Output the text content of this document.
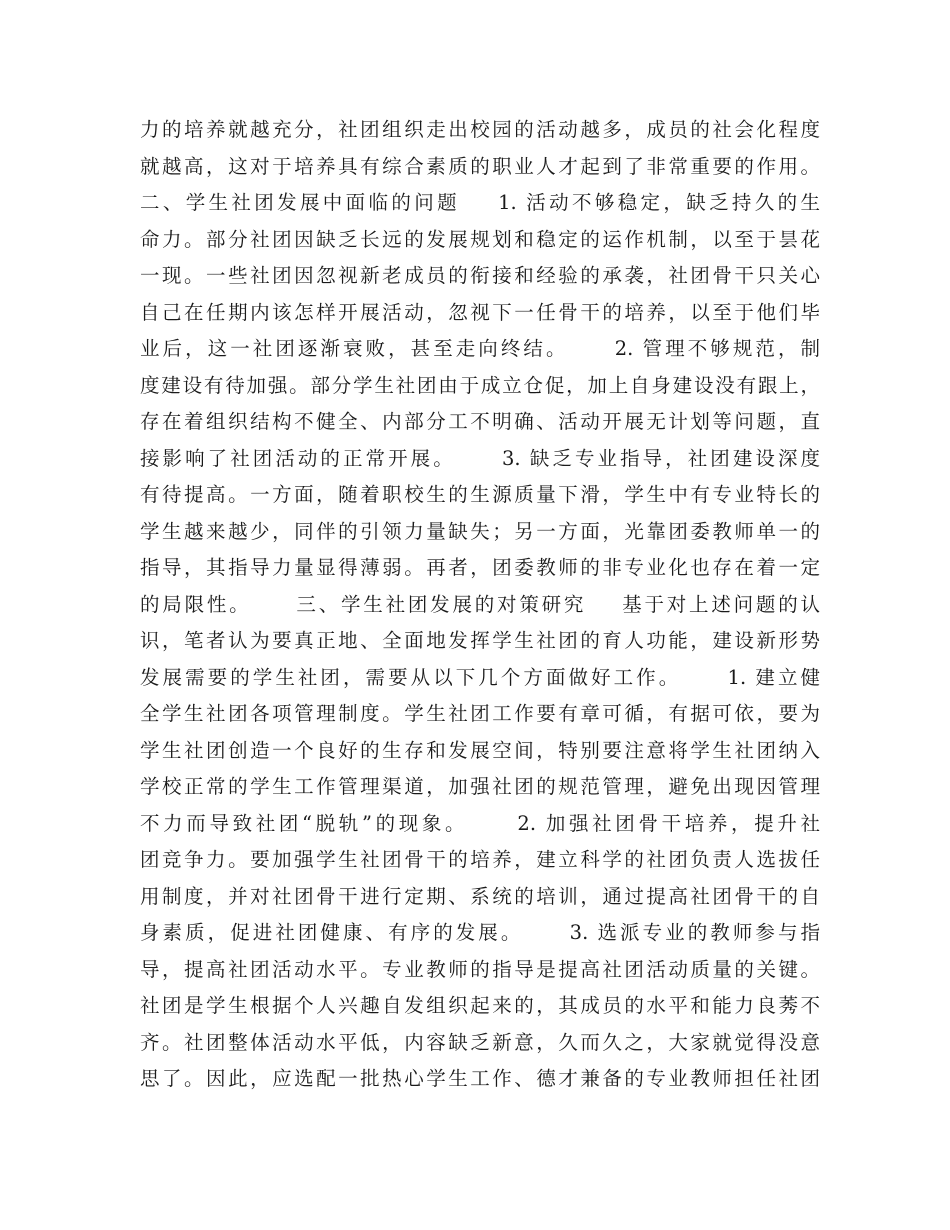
力的培养就越充分，社团组织走出校园的活动越多，成员的社会化程度
就越高，这对于培养具有综合素质的职业人才起到了非常重要的作用。
二、学生社团发展中面临的问题    1. 活动不够稳定，缺乏持久的生
命力。部分社团因缺乏长远的发展规划和稳定的运作机制，以至于昙花
一现。一些社团因忽视新老成员的衔接和经验的承袭，社团骨干只关心
自己在任期内该怎样开展活动，忽视下一任骨干的培养，以至于他们毕
业后，这一社团逐渐衰败，甚至走向终结。     2. 管理不够规范，制
度建设有待加强。部分学生社团由于成立仓促，加上自身建设没有跟上，
存在着组织结构不健全、内部分工不明确、活动开展无计划等问题，直
接影响了社团活动的正常开展。     3. 缺乏专业指导，社团建设深度
有待提高。一方面，随着职校生的生源质量下滑，学生中有专业特长的
学生越来越少，同伴的引领力量缺失；另一方面，光靠团委教师单一的
指导，其指导力量显得薄弱。再者，团委教师的非专业化也存在着一定
的局限性。     三、学生社团发展的对策研究    基于对上述问题的认
识，笔者认为要真正地、全面地发挥学生社团的育人功能，建设新形势
发展需要的学生社团，需要从以下几个方面做好工作。     1. 建立健
全学生社团各项管理制度。学生社团工作要有章可循，有据可依，要为
学生社团创造一个良好的生存和发展空间，特别要注意将学生社团纳入
学校正常的学生工作管理渠道，加强社团的规范管理，避免出现因管理
不力而导致社团“脱轨”的现象。     2. 加强社团骨干培养，提升社
团竞争力。要加强学生社团骨干的培养，建立科学的社团负责人选拔任
用制度，并对社团骨干进行定期、系统的培训，通过提高社团骨干的自
身素质，促进社团健康、有序的发展。     3. 选派专业的教师参与指
导，提高社团活动水平。专业教师的指导是提高社团活动质量的关键。
社团是学生根据个人兴趣自发组织起来的，其成员的水平和能力良莠不
齐。社团整体活动水平低，内容缺乏新意，久而久之，大家就觉得没意
思了。因此，应选配一批热心学生工作、德才兼备的专业教师担任社团
